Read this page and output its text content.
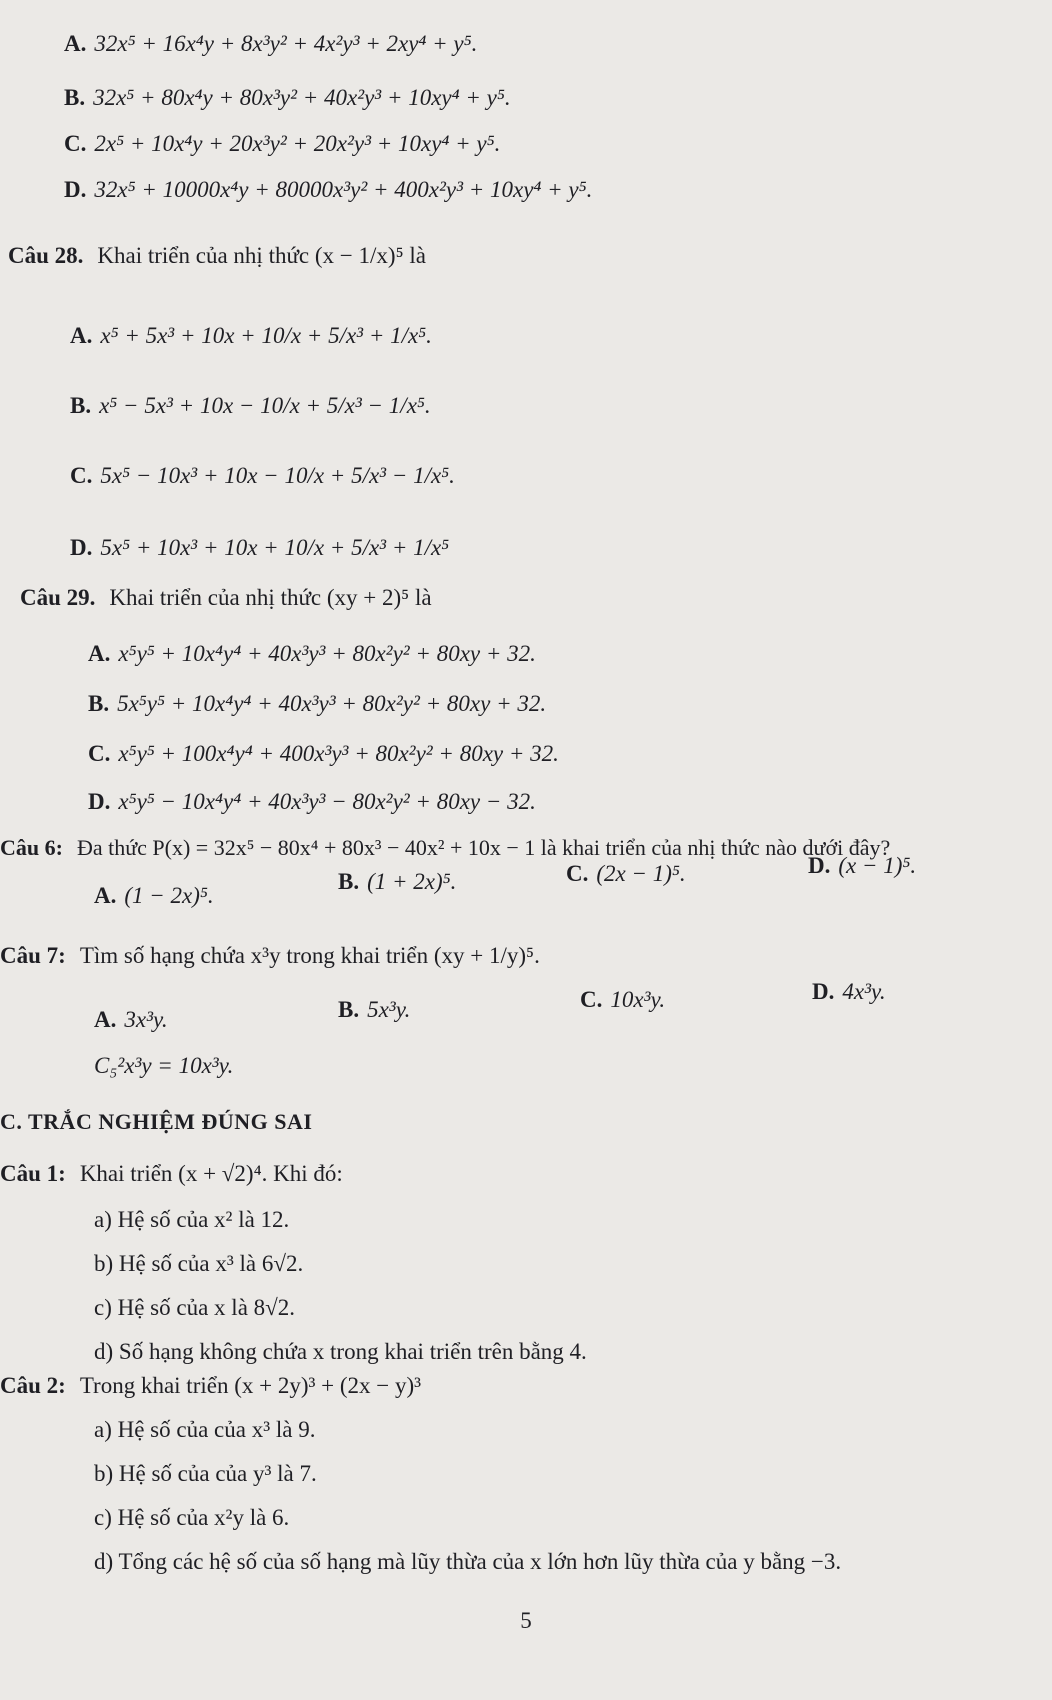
A. 32x⁵ + 16x⁴y + 8x³y² + 4x²y³ + 2xy⁴ + y⁵.
B. 32x⁵ + 80x⁴y + 80x³y² + 40x²y³ + 10xy⁴ + y⁵.
C. 2x⁵ + 10x⁴y + 20x³y² + 20x²y³ + 10xy⁴ + y⁵.
D. 32x⁵ + 10000x⁴y + 80000x³y² + 400x²y³ + 10xy⁴ + y⁵.
Câu 28. Khai triển của nhị thức (x − 1/x)⁵ là
A. x⁵ + 5x³ + 10x + 10/x + 5/x³ + 1/x⁵.
B. x⁵ − 5x³ + 10x − 10/x + 5/x³ − 1/x⁵.
C. 5x⁵ − 10x³ + 10x − 10/x + 5/x³ − 1/x⁵.
D. 5x⁵ + 10x³ + 10x + 10/x + 5/x³ + 1/x⁵
Câu 29. Khai triển của nhị thức (xy + 2)⁵ là
A. x⁵y⁵ + 10x⁴y⁴ + 40x³y³ + 80x²y² + 80xy + 32.
B. 5x⁵y⁵ + 10x⁴y⁴ + 40x³y³ + 80x²y² + 80xy + 32.
C. x⁵y⁵ + 100x⁴y⁴ + 400x³y³ + 80x²y² + 80xy + 32.
D. x⁵y⁵ − 10x⁴y⁴ + 40x³y³ − 80x²y² + 80xy − 32.
Câu 6: Đa thức P(x) = 32x⁵ − 80x⁴ + 80x³ − 40x² + 10x − 1 là khai triển của nhị thức nào dưới đây?
A. (1 − 2x)⁵.
B. (1 + 2x)⁵.	C. (2x − 1)⁵.	D. (x − 1)⁵.
Câu 7: Tìm số hạng chứa x³y trong khai triển (xy + 1/y)⁵.
A. 3x³y.	B. 5x³y.	C. 10x³y.	D. 4x³y.
C₅²x³y = 10x³y.
C. TRẮC NGHIỆM ĐÚNG SAI
Câu 1: Khai triển (x + √2)⁴. Khi đó:
a) Hệ số của x² là 12.
b) Hệ số của x³ là 6√2.
c) Hệ số của x là 8√2.
d) Số hạng không chứa x trong khai triển trên bằng 4.
Câu 2: Trong khai triển (x + 2y)³ + (2x − y)³
a) Hệ số của của x³ là 9.
b) Hệ số của của y³ là 7.
c) Hệ số của x²y là 6.
d) Tổng các hệ số của số hạng mà lũy thừa của x lớn hơn lũy thừa của y bằng −3.
5
